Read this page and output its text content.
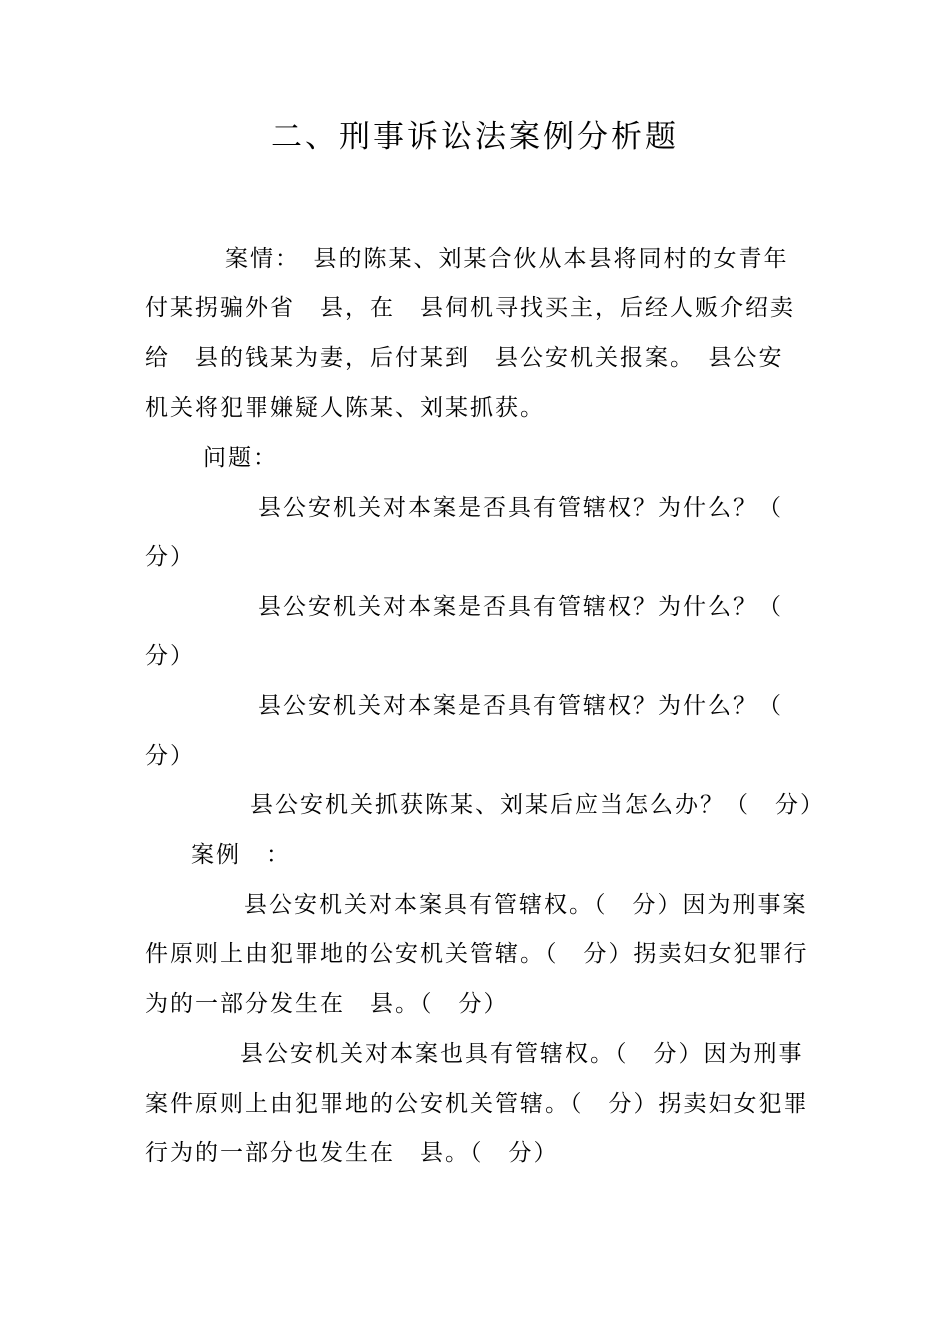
二、刑事诉讼法案例分析题
案情：　县的陈某、刘某合伙从本县将同村的女青年
付某拐骗外省　县，在　县伺机寻找买主，后经人贩介绍卖
给　县的钱某为妻，后付某到　县公安机关报案。　县公安
机关将犯罪嫌疑人陈某、刘某抓获。
问题：
县公安机关对本案是否具有管辖权？为什么？（
分）
县公安机关对本案是否具有管辖权？为什么？（
分）
县公安机关对本案是否具有管辖权？为什么？（
分）
县公安机关抓获陈某、刘某后应当怎么办？（　分）
案例　：
县公安机关对本案具有管辖权。（　分）因为刑事案
件原则上由犯罪地的公安机关管辖。（　分）拐卖妇女犯罪行
为的一部分发生在　县。（　分）
县公安机关对本案也具有管辖权。（　分）因为刑事
案件原则上由犯罪地的公安机关管辖。（　分）拐卖妇女犯罪
行为的一部分也发生在　县。（　分）
